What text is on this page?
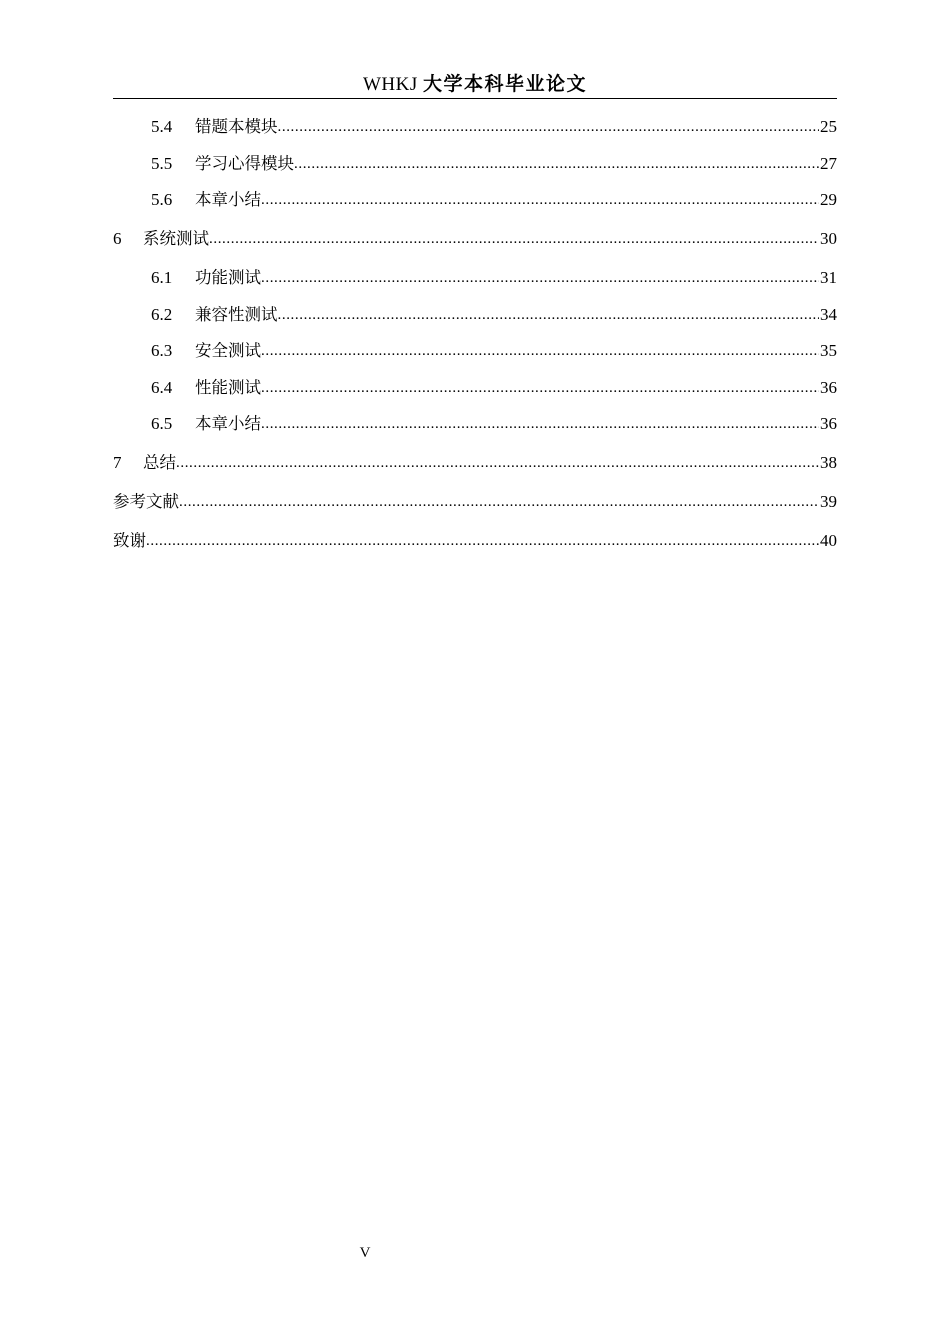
WHKJ 大学本科毕业论文
5.4	错题本模块 .....	25
5.5	学习心得模块 .....	27
5.6	本章小结 .....	29
6	系统测试 .....	30
6.1	功能测试 .....	31
6.2	兼容性测试 .....	34
6.3	安全测试 .....	35
6.4	性能测试 .....	36
6.5	本章小结 .....	36
7	总结 .....	38
参考文献 .....	39
致谢 .....	40
V
